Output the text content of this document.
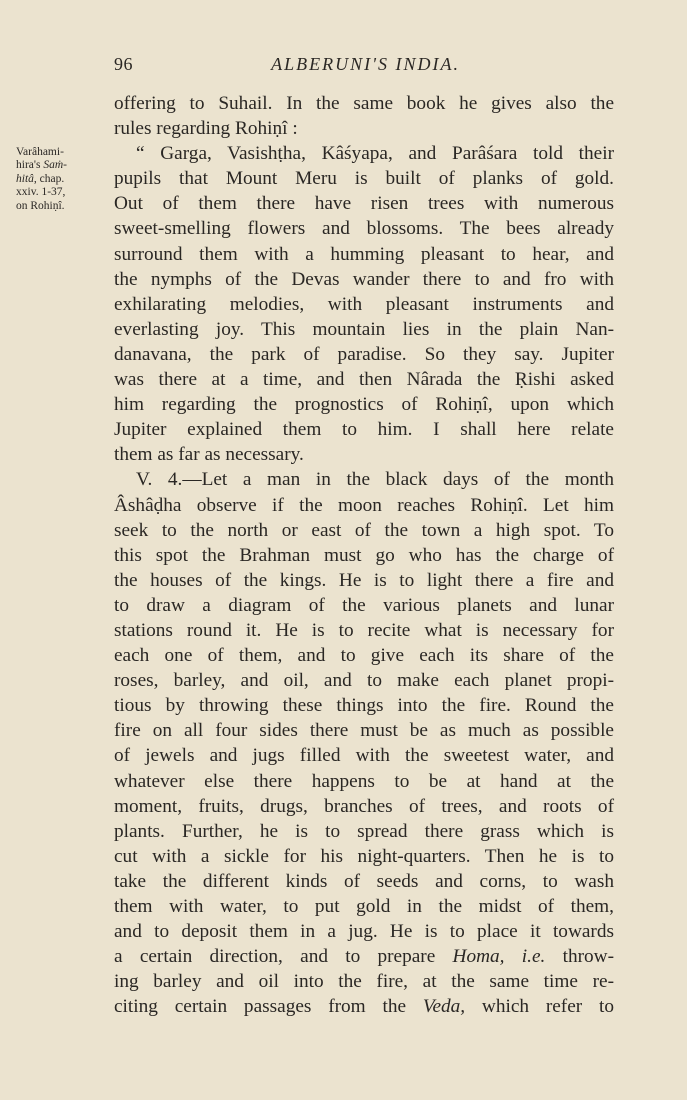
96	ALBERUNI'S INDIA.
Varâhami-
hira's Saṁ-
hitâ, chap.
xxiv. 1-37,
on Rohiṇî.
offering to Suhail. In the same book he gives also the
rules regarding Rohiṇî :
“ Garga, Vasishṭha, Kâśyapa, and Parâśara told their
pupils that Mount Meru is built of planks of gold.
Out of them there have risen trees with numerous
sweet-smelling flowers and blossoms. The bees already
surround them with a humming pleasant to hear, and
the nymphs of the Devas wander there to and fro with
exhilarating melodies, with pleasant instruments and
everlasting joy. This mountain lies in the plain Nan-
danavana, the park of paradise. So they say. Jupiter
was there at a time, and then Nârada the Ṛishi asked
him regarding the prognostics of Rohiṇî, upon which
Jupiter explained them to him. I shall here relate
them as far as necessary.
V. 4.—Let a man in the black days of the month
Âshâḍha observe if the moon reaches Rohiṇî. Let him
seek to the north or east of the town a high spot. To
this spot the Brahman must go who has the charge of
the houses of the kings. He is to light there a fire and
to draw a diagram of the various planets and lunar
stations round it. He is to recite what is necessary for
each one of them, and to give each its share of the
roses, barley, and oil, and to make each planet propi-
tious by throwing these things into the fire. Round the
fire on all four sides there must be as much as possible
of jewels and jugs filled with the sweetest water, and
whatever else there happens to be at hand at the
moment, fruits, drugs, branches of trees, and roots of
plants. Further, he is to spread there grass which is
cut with a sickle for his night-quarters. Then he is to
take the different kinds of seeds and corns, to wash
them with water, to put gold in the midst of them,
and to deposit them in a jug. He is to place it towards
a certain direction, and to prepare Homa, i.e. throw-
ing barley and oil into the fire, at the same time re-
citing certain passages from the Veda, which refer to
